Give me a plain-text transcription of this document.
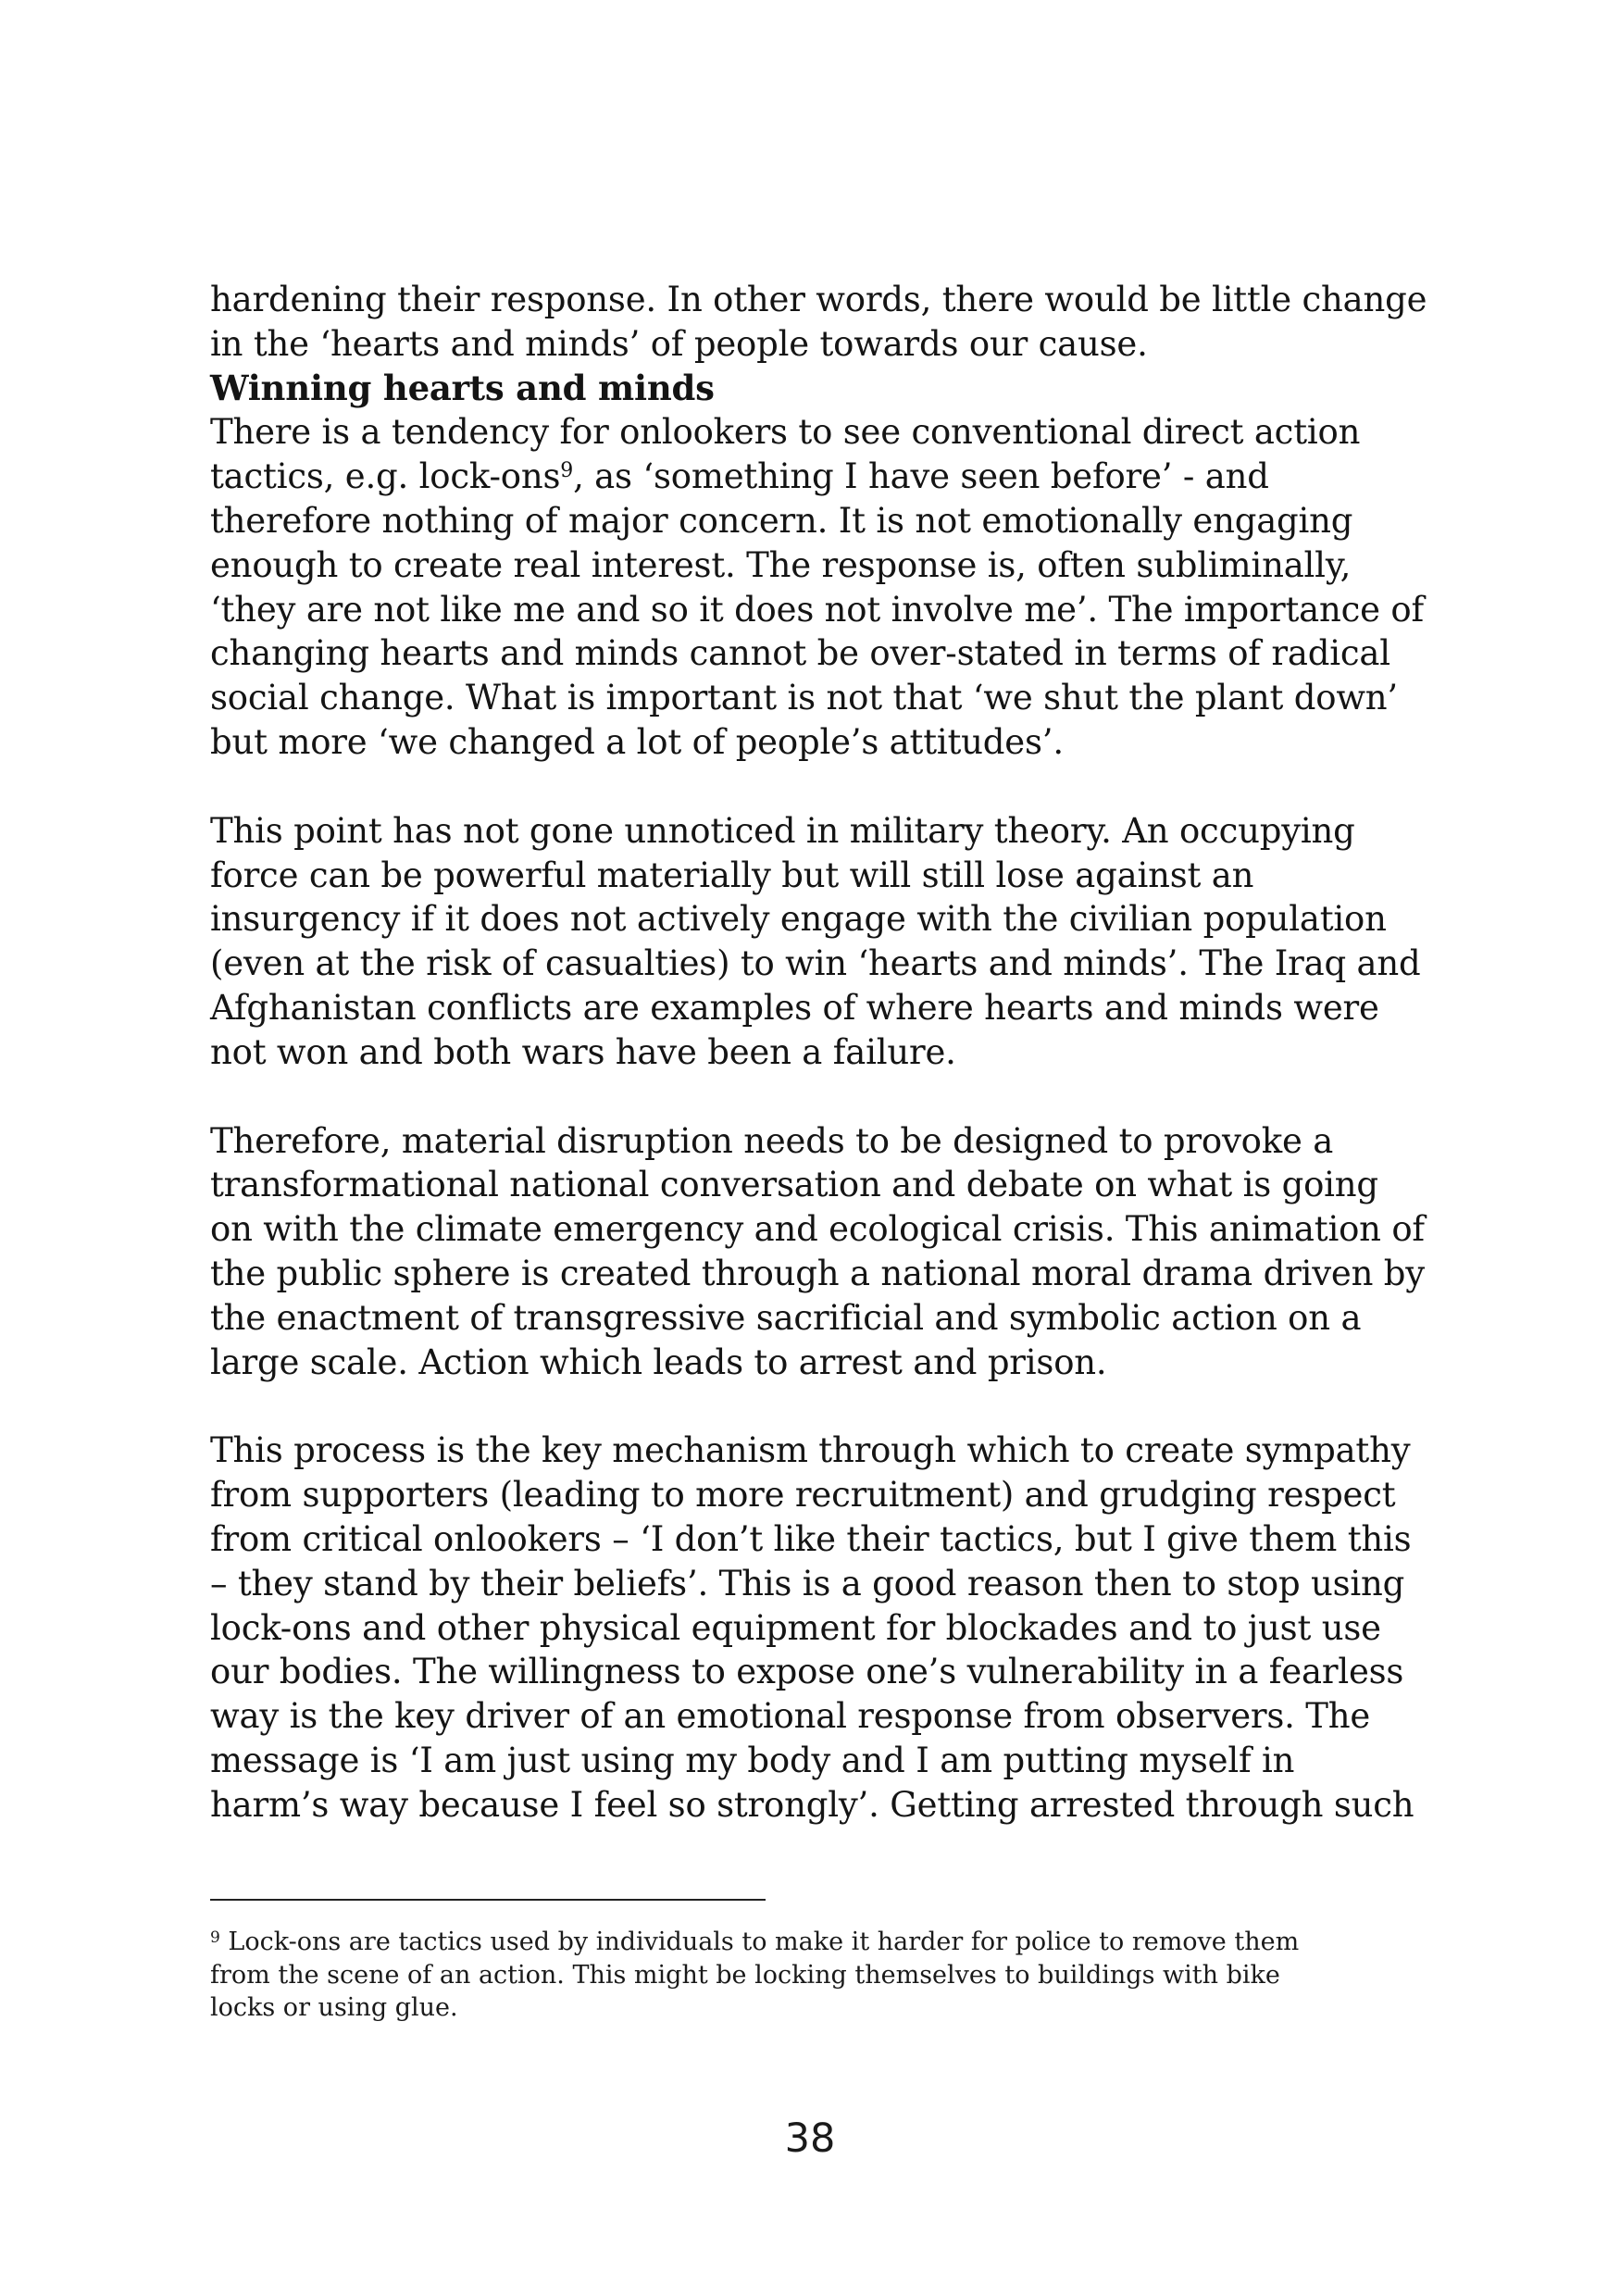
hardening their response. In other words, there would be little change
in the ‘hearts and minds’ of people towards our cause.

Winning hearts and minds

There is a tendency for onlookers to see conventional direct action
tactics, e.g. lock-ons$^9$, as ‘something I have seen before’ - and
therefore nothing of major concern. It is not emotionally engaging
enough to create real interest. The response is, often subliminally,
‘they are not like me and so it does not involve me’. The importance of
changing hearts and minds cannot be over-stated in terms of radical
social change. What is important is not that ‘we shut the plant down’
but more ‘we changed a lot of people’s attitudes’.

This point has not gone unnoticed in military theory. An occupying
force can be powerful materially but will still lose against an
insurgency if it does not actively engage with the civilian population
(even at the risk of casualties) to win ‘hearts and minds’. The Iraq and
Afghanistan conflicts are examples of where hearts and minds were
not won and both wars have been a failure.

Therefore, material disruption needs to be designed to provoke a
transformational national conversation and debate on what is going
on with the climate emergency and ecological crisis. This animation of
the public sphere is created through a national moral drama driven by
the enactment of transgressive sacrificial and symbolic action on a
large scale. Action which leads to arrest and prison.

This process is the key mechanism through which to create sympathy
from supporters (leading to more recruitment) and grudging respect
from critical onlookers – ‘I don’t like their tactics, but I give them this
– they stand by their beliefs’. This is a good reason then to stop using
lock-ons and other physical equipment for blockades and to just use
our bodies. The willingness to expose one’s vulnerability in a fearless
way is the key driver of an emotional response from observers. The
message is ‘I am just using my body and I am putting myself in
harm’s way because I feel so strongly’. Getting arrested through such

$^9$ Lock-ons are tactics used by individuals to make it harder for police to remove them
from the scene of an action. This might be locking themselves to buildings with bike
locks or using glue.
38
